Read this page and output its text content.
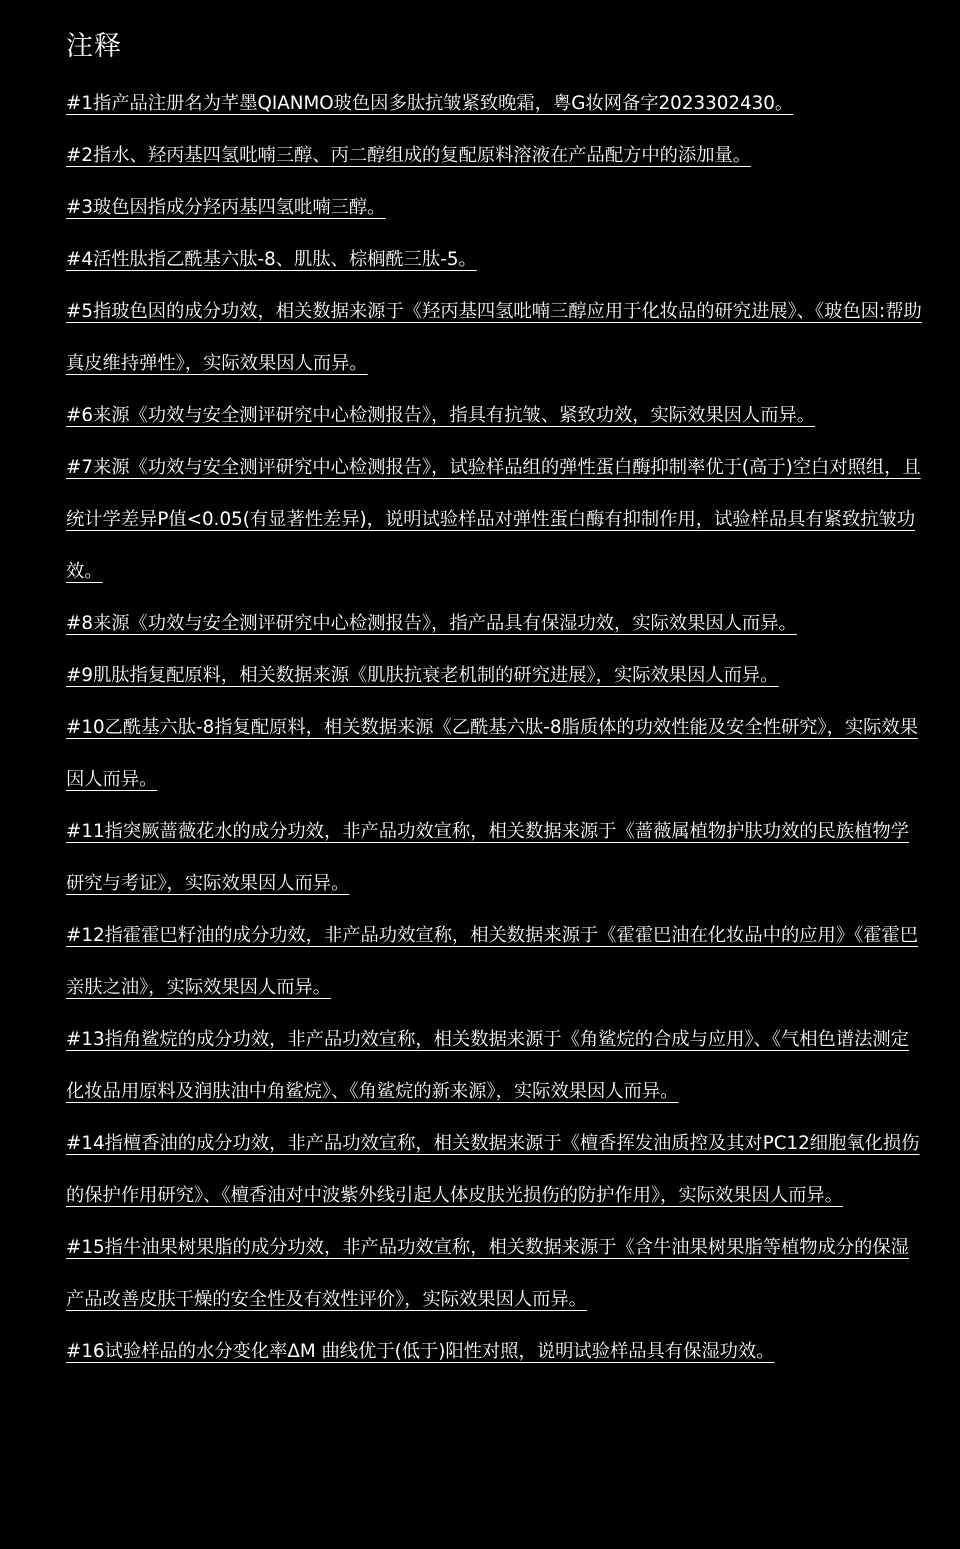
注释
#1指产品注册名为芊墨QIANMO玻色因多肽抗皱紧致晚霜，粤G妆网备字2023302430。
#2指水、羟丙基四氢吡喃三醇、丙二醇组成的复配原料溶液在产品配方中的添加量。
#3玻色因指成分羟丙基四氢吡喃三醇。
#4活性肽指乙酰基六肽-8、肌肽、棕榈酰三肽-5。
#5指玻色因的成分功效，相关数据来源于《羟丙基四氢吡喃三醇应用于化妆品的研究进展》、《玻色因:帮助真皮维持弹性》，实际效果因人而异。
#6来源《功效与安全测评研究中心检测报告》，指具有抗皱、紧致功效，实际效果因人而异。
#7来源《功效与安全测评研究中心检测报告》，试验样品组的弹性蛋白酶抑制率优于(高于)空白对照组，且统计学差异P值<0.05(有显著性差异)，说明试验样品对弹性蛋白酶有抑制作用，试验样品具有紧致抗皱功效。
#8来源《功效与安全测评研究中心检测报告》，指产品具有保湿功效，实际效果因人而异。
#9肌肽指复配原料，相关数据来源《肌肤抗衰老机制的研究进展》，实际效果因人而异。
#10乙酰基六肽-8指复配原料，相关数据来源《乙酰基六肽-8脂质体的功效性能及安全性研究》，实际效果因人而异。
#11指突厥蔷薇花水的成分功效，非产品功效宣称，相关数据来源于《蔷薇属植物护肤功效的民族植物学研究与考证》，实际效果因人而异。
#12指霍霍巴籽油的成分功效，非产品功效宣称，相关数据来源于《霍霍巴油在化妆品中的应用》《霍霍巴 亲肤之油》，实际效果因人而异。
#13指角鲨烷的成分功效，非产品功效宣称，相关数据来源于《角鲨烷的合成与应用》、《气相色谱法测定化妆品用原料及润肤油中角鲨烷》、《角鲨烷的新来源》，实际效果因人而异。
#14指檀香油的成分功效，非产品功效宣称，相关数据来源于《檀香挥发油质控及其对PC12细胞氧化损伤的保护作用研究》、《檀香油对中波紫外线引起人体皮肤光损伤的防护作用》，实际效果因人而异。
#15指牛油果树果脂的成分功效，非产品功效宣称，相关数据来源于《含牛油果树果脂等植物成分的保湿产品改善皮肤干燥的安全性及有效性评价》，实际效果因人而异。
#16试验样品的水分变化率ΔM 曲线优于(低于)阳性对照，说明试验样品具有保湿功效。
